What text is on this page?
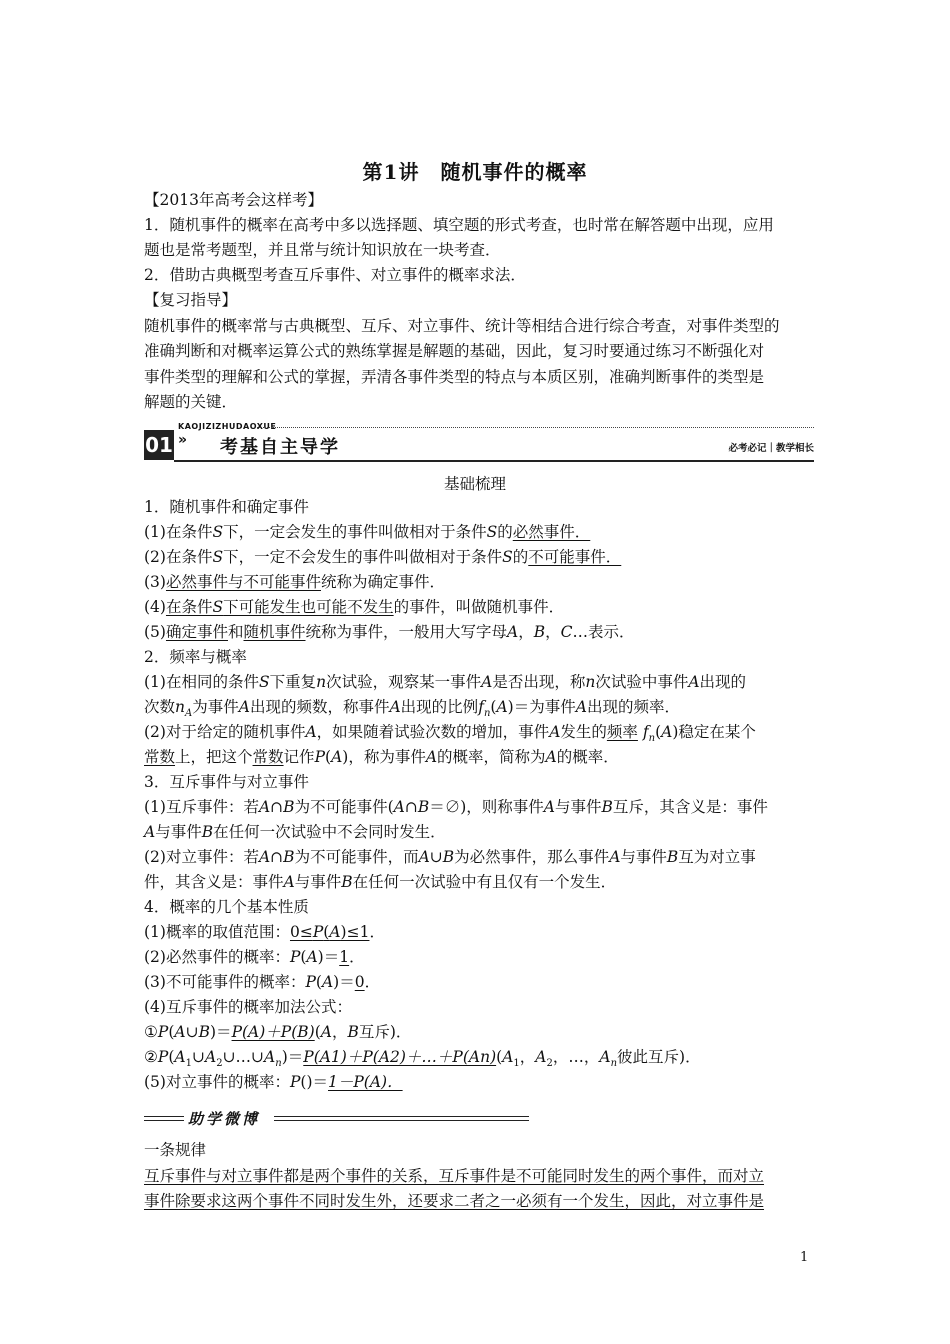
第1讲　随机事件的概率
【2013年高考会这样考】
1．随机事件的概率在高考中多以选择题、填空题的形式考查，也时常在解答题中出现，应用
题也是常考题型，并且常与统计知识放在一块考查．
2．借助古典概型考查互斥事件、对立事件的概率求法．
【复习指导】
随机事件的概率常与古典概型、互斥、对立事件、统计等相结合进行综合考查，对事件类型的
准确判断和对概率运算公式的熟练掌握是解题的基础，因此，复习时要通过练习不断强化对
事件类型的理解和公式的掌握，弄清各事件类型的特点与本质区别，准确判断事件的类型是
解题的关键．
KAOJIZIZHUDAOXUE
01 » 考基自主导学	必考必记｜教学相长
基础梳理
1．随机事件和确定事件
(1)在条件S下，一定会发生的事件叫做相对于条件S的必然事件．
(2)在条件S下，一定不会发生的事件叫做相对于条件S的不可能事件．
(3)必然事件与不可能事件统称为确定事件．
(4)在条件S下可能发生也可能不发生的事件，叫做随机事件．
(5)确定事件和随机事件统称为事件，一般用大写字母A，B，C…表示．
2．频率与概率
(1)在相同的条件S下重复n次试验，观察某一事件A是否出现，称n次试验中事件A出现的
次数$n_A$为事件A出现的频数，称事件A出现的比例$f_n(A)=$为事件A出现的频率．
(2)对于给定的随机事件A，如果随着试验次数的增加，事件A发生的频率 $f_n(A)$稳定在某个
常数上，把这个常数记作P(A)，称为事件A的概率，简称为A的概率．
3．互斥事件与对立事件
(1)互斥事件：若A∩B为不可能事件(A∩B＝∅)，则称事件A与事件B互斥，其含义是：事件
A与事件B在任何一次试验中不会同时发生．
(2)对立事件：若A∩B为不可能事件，而A∪B为必然事件，那么事件A与事件B互为对立事
件，其含义是：事件A与事件B在任何一次试验中有且仅有一个发生．
4．概率的几个基本性质
(1)概率的取值范围：0≤P(A)≤1．
(2)必然事件的概率：P(A)＝1．
(3)不可能事件的概率：P(A)＝0．
(4)互斥事件的概率加法公式：
①P(A∪B)＝P(A)＋P(B)(A，B互斥)．
$②P(A_1\cup A_2\cup\dots\cup A_n)=P(A1)+P(A2)+\dots+P(An)(A_1$，$A_2$，…，$A_n$彼此互斥)．
(5)对立事件的概率：P()＝1－P(A)．
助学微博
一条规律
互斥事件与对立事件都是两个事件的关系，互斥事件是不可能同时发生的两个事件，而对立
事件除要求这两个事件不同时发生外，还要求二者之一必须有一个发生，因此，对立事件是
1
